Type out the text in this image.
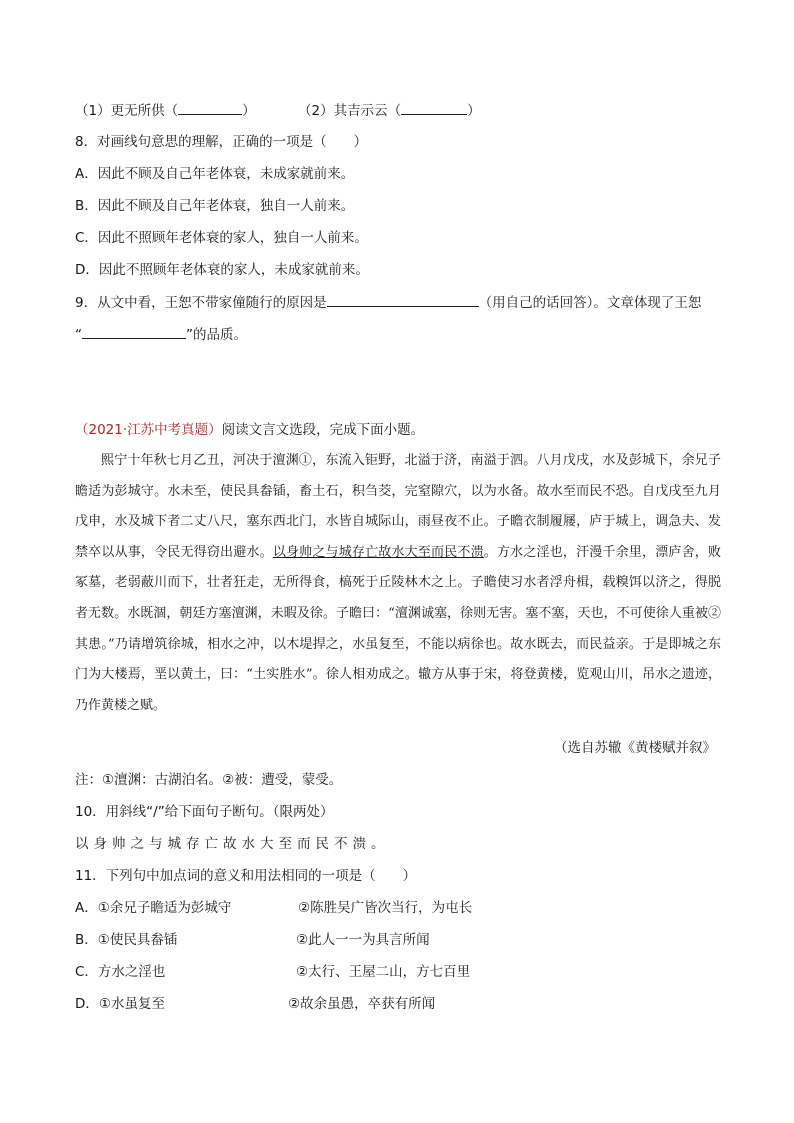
（1）更无所供（	）	（2）其吉示云（	）
8．对画线句意思的理解，正确的一项是（　　）
A．因此不顾及自己年老体衰，未成家就前来。
B．因此不顾及自己年老体衰，独自一人前来。
C．因此不照顾年老体衰的家人，独自一人前来。
D．因此不照顾年老体衰的家人，未成家就前来。
9．从文中看，王恕不带家僮随行的原因是	（用自己的话回答）。文章体现了王恕
“	”的品质。
（2021·江苏中考真题）阅读文言文选段，完成下面小题。
熙宁十年秋七月乙丑，河决于澶渊①，东流入钜野，北溢于济，南溢于泗。八月戊戌，水及彭城下，余兄子瞻适为彭城守。水未至，使民具畚锸，畜土石，积刍茭，完窒隙穴，以为水备。故水至而民不恐。自戊戌至九月戊申，水及城下者二丈八尺，塞东西北门，水皆自城际山，雨昼夜不止。子瞻衣制履屦，庐于城上，调急夫、发禁卒以从事，令民无得窃出避水。以身帅之与城存亡故水大至而民不溃。方水之淫也，汗漫千余里，漂庐舍，败冢墓，老弱蔽川而下，壮者狂走，无所得食，槁死于丘陵林木之上。子瞻使习水者浮舟楫，载糗饵以济之，得脱者无数。水既涸，朝廷方塞澶渊，未暇及徐。子瞻曰：“澶渊诚塞，徐则无害。塞不塞，天也，不可使徐人重被②其患。”乃请增筑徐城，相水之冲，以木堤捍之，水虽复至，不能以病徐也。故水既去，而民益亲。于是即城之东门为大楼焉，垩以黄土，曰：“土实胜水”。徐人相劝成之。辙方从事于宋，将登黄楼，览观山川，吊水之遗迹，乃作黄楼之赋。
（选自苏辙《黄楼赋并叙》
注：①澶渊：古湖泊名。②被：遭受，蒙受。
10．用斜线“/”给下面句子断句。（限两处）
以身帅之与城存亡故水大至而民不溃。
11．下列句中加点词的意义和用法相同的一项是（　　）
A．①余兄子瞻适为彭城守	②陈胜吴广皆次当行，为屯长
B．①使民具畚锸	②此人一一为具言所闻
C．方水之淫也	②太行、王屋二山，方七百里
D．①水虽复至	②故余虽愚，卒获有所闻
